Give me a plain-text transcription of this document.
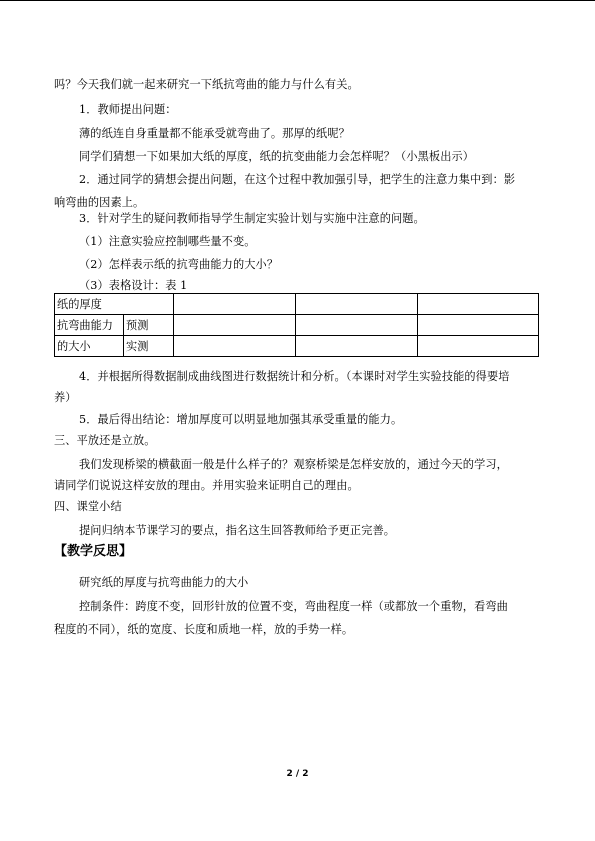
吗？今天我们就一起来研究一下纸抗弯曲的能力与什么有关。
1．教师提出问题：
薄的纸连自身重量都不能承受就弯曲了。那厚的纸呢？
同学们猜想一下如果加大纸的厚度，纸的抗变曲能力会怎样呢？（小黑板出示）
2．通过同学的猜想会提出问题，在这个过程中教加强引导，把学生的注意力集中到：影
响弯曲的因素上。
3．针对学生的疑问教师指导学生制定实验计划与实施中注意的问题。
（1）注意实验应控制哪些量不变。
（2）怎样表示纸的抗弯曲能力的大小？
（3）表格设计：表 1
纸的厚度				
抗弯曲能力	预测			
的大小	实测			
4．并根据所得数据制成曲线图进行数据统计和分析。（本课时对学生实验技能的得要培
养）
5．最后得出结论：增加厚度可以明显地加强其承受重量的能力。
三、平放还是立放。
我们发现桥梁的横截面一般是什么样子的？观察桥梁是怎样安放的，通过今天的学习，
请同学们说说这样安放的理由。并用实验来证明自己的理由。
四、课堂小结
提问归纳本节课学习的要点，指名这生回答教师给予更正完善。
【教学反思】
研究纸的厚度与抗弯曲能力的大小
控制条件：跨度不变，回形针放的位置不变，弯曲程度一样（或都放一个重物，看弯曲
程度的不同），纸的宽度、长度和质地一样，放的手势一样。
2 / 2
